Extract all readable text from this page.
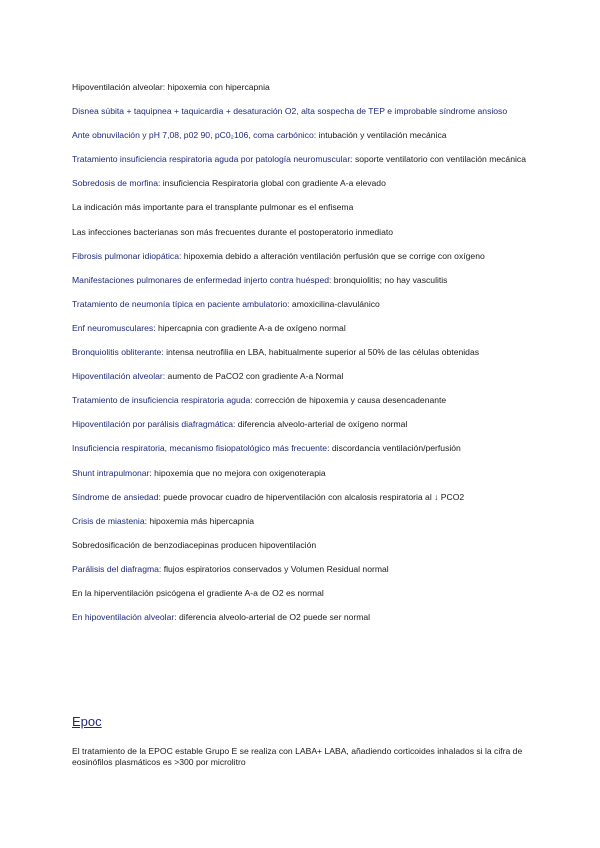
Hipoventilación alveolar: hipoxemia con hipercapnia
Disnea súbita + taquipnea + taquicardia + desaturación O2, alta sospecha de TEP e improbable síndrome ansioso
Ante obnuvilación y pH 7,08, p02 90, pC0₂106, coma carbónico: intubación y ventilación mecánica
Tratamiento insuficiencia respiratoria aguda por patología neuromuscular: soporte ventilatorio con ventilación mecánica
Sobredosis de morfina: insuficiencia Respiratoria global con gradiente A-a elevado
La indicación más importante para el transplante pulmonar es el enfisema
Las infecciones bacterianas son más frecuentes durante el postoperatorio inmediato
Fibrosis pulmonar idiopática: hipoxemia debido a alteración ventilación perfusión que se corrige con oxígeno
Manifestaciones pulmonares de enfermedad injerto contra huésped: bronquiolitis; no hay vasculitis
Tratamiento de neumonía típica en paciente ambulatorio: amoxicilina-clavulánico
Enf neuromusculares: hipercapnia con gradiente A-a de oxígeno normal
Bronquiolitis obliterante: intensa neutrofilia en LBA, habitualmente superior al 50% de las células obtenidas
Hipoventilación alveolar: aumento de PaCO2 con gradiente A-a Normal
Tratamiento de insuficiencia respiratoria aguda: corrección de hipoxemia y causa desencadenante
Hipoventilación por parálisis diafragmática: diferencia alveolo-arterial de oxígeno normal
Insuficiencia respiratoria, mecanismo fisiopatológico más frecuente: discordancia ventilación/perfusión
Shunt intrapulmonar: hipoxemia que no mejora con oxigenoterapia
Síndrome de ansiedad: puede provocar cuadro de hiperventilación con alcalosis respiratoria al ↓ PCO2
Crisis de miastenia: hipoxemia más hipercapnia
Sobredosificación de benzodiacepinas producen hipoventilación
Parálisis del diafragma: flujos espiratorios conservados y Volumen Residual normal
En la hiperventilación psicógena el gradiente A-a de O2 es normal
En hipoventilación alveolar: diferencia alveolo-arterial de O2 puede ser normal
Epoc
El tratamiento de la EPOC estable Grupo E se realiza con LABA+ LABA, añadiendo corticoides inhalados si la cifra de eosinófilos plasmáticos es >300 por microlitro
